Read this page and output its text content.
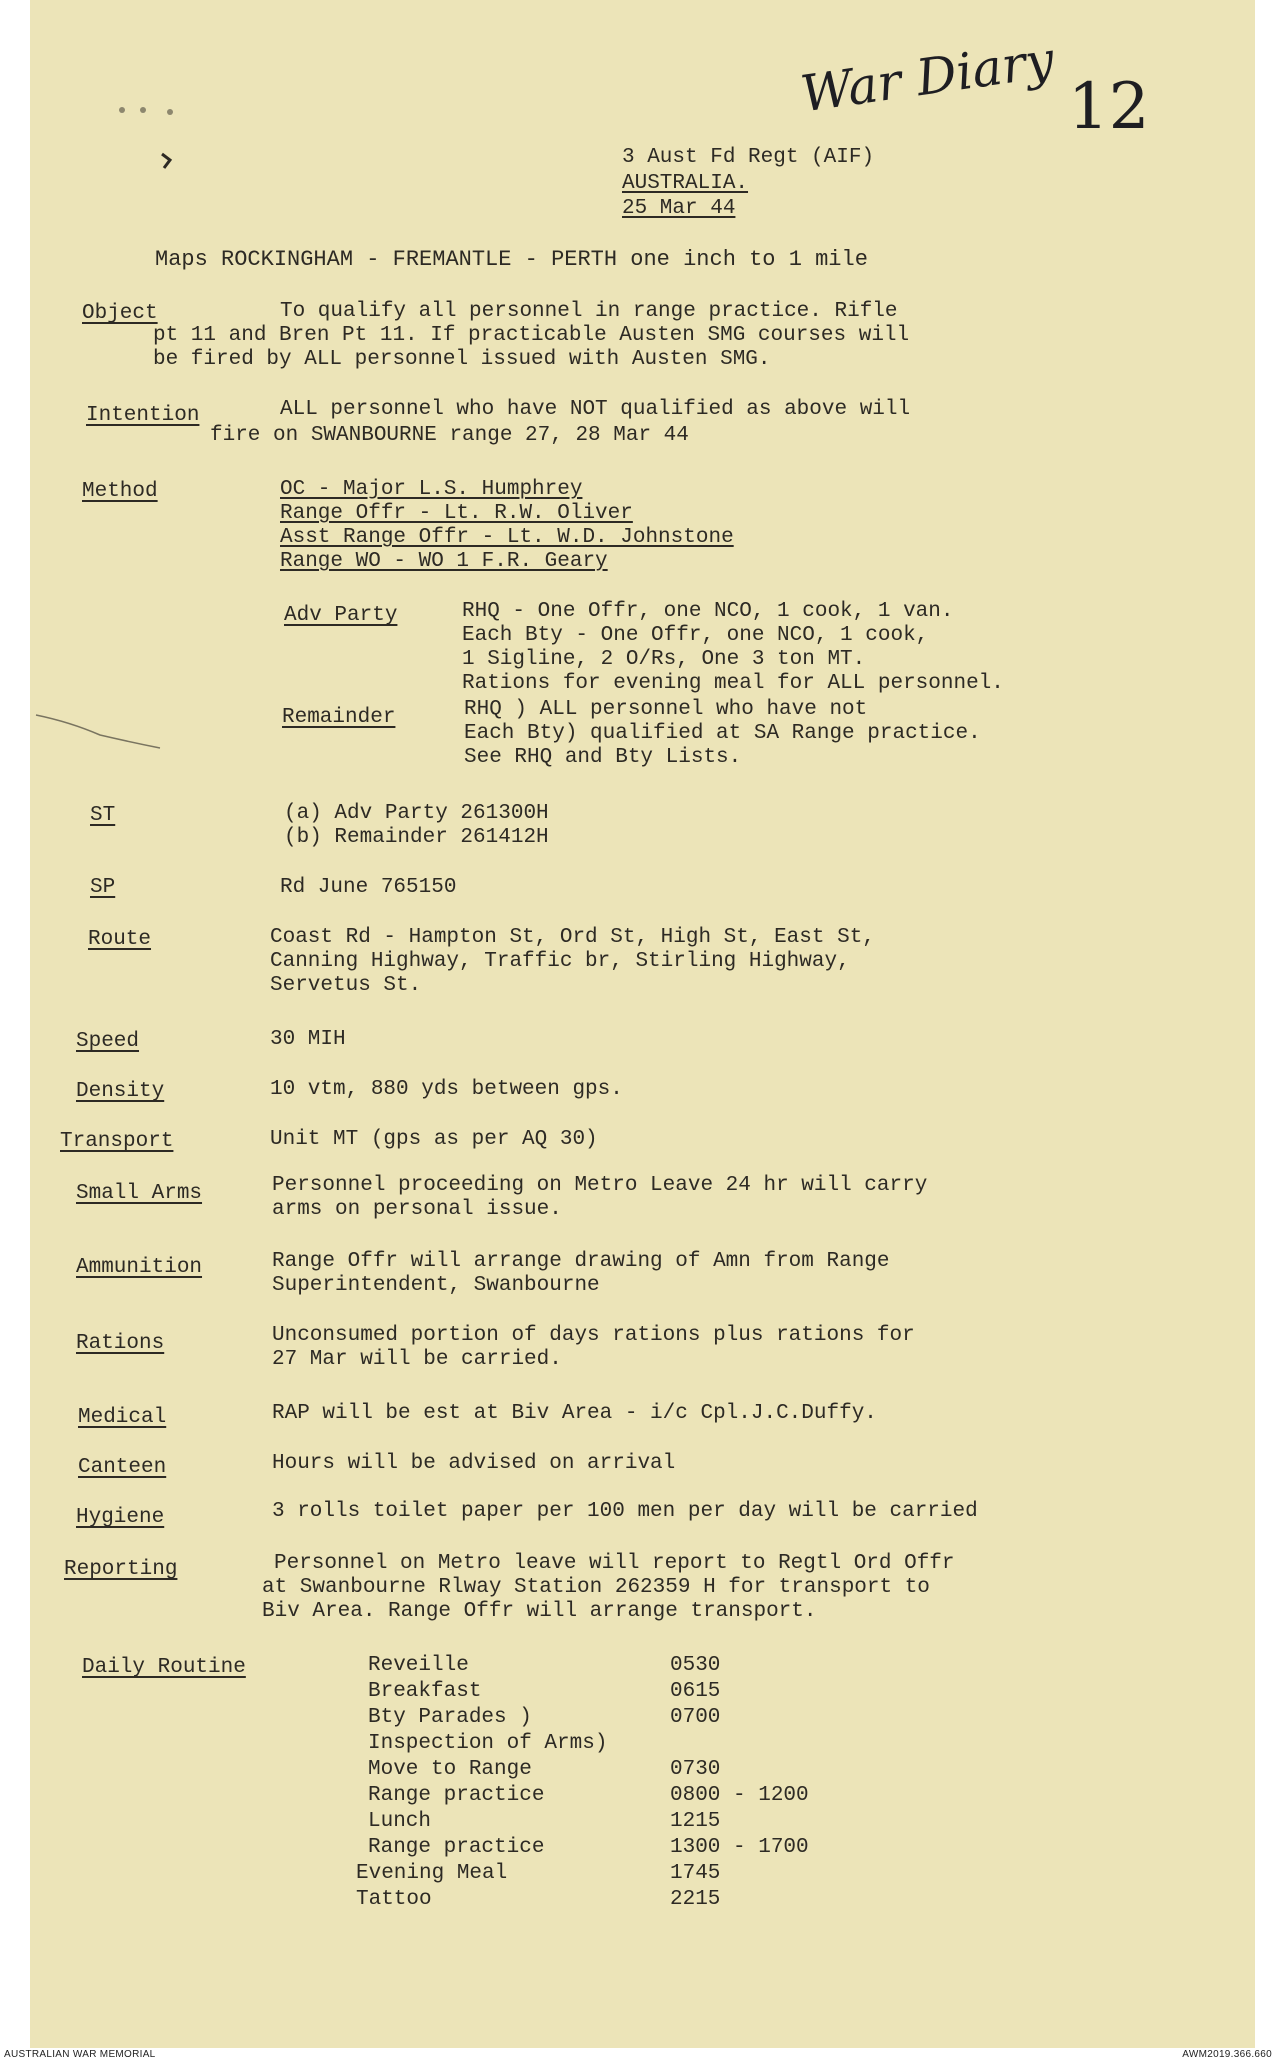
War Diary 12
3 Aust Fd Regt (AIF)
AUSTRALIA.
25 Mar 44
Maps ROCKINGHAM - FREMANTLE - PERTH one inch to 1 mile
Object	To qualify all personnel in range practice. Rifle
pt 11 and Bren Pt 11. If practicable Austen SMG courses will
be fired by ALL personnel issued with Austen SMG.
Intention	ALL personnel who have NOT qualified as above will
fire on SWANBOURNE range 27, 28 Mar 44
Method	OC - Major L.S. Humphrey
Range Offr - Lt. R.W. Oliver
Asst Range Offr - Lt. W.D. Johnstone
Range WO - WO 1 F.R. Geary
Adv Party	RHQ - One Offr, one NCO, 1 cook, 1 van.
Each Bty - One Offr, one NCO, 1 cook,
1 Sigline, 2 O/Rs, One 3 ton MT.
Rations for evening meal for ALL personnel.
Remainder	RHQ ) ALL personnel who have not
Each Bty) qualified at SA Range practice.
See RHQ and Bty Lists.
ST	(a) Adv Party 261300H
(b) Remainder 261412H
SP	Rd June 765150
Route	Coast Rd - Hampton St, Ord St, High St, East St,
Canning Highway, Traffic br, Stirling Highway,
Servetus St.
Speed	30 MIH
Density	10 vtm, 880 yds between gps.
Transport	Unit MT (gps as per AQ 30)
Small Arms	Personnel proceeding on Metro Leave 24 hr will carry
arms on personal issue.
Ammunition	Range Offr will arrange drawing of Amn from Range
Superintendent, Swanbourne
Rations	Unconsumed portion of days rations plus rations for
27 Mar will be carried.
Medical	RAP will be est at Biv Area - i/c Cpl.J.C.Duffy.
Canteen	Hours will be advised on arrival
Hygiene	3 rolls toilet paper per 100 men per day will be carried
Reporting	Personnel on Metro leave will report to Regtl Ord Offr
at Swanbourne Rlway Station 262359 H for transport to
Biv Area. Range Offr will arrange transport.
Daily Routine	Reveille	0530
Breakfast	0615
Bty Parades )	0700
Inspection of Arms)
Move to Range	0730
Range practice	0800 - 1200
Lunch	1215
Range practice	1300 - 1700
Evening Meal	1745
Tattoo	2215
AUSTRALIAN WAR MEMORIAL	AWM2019.366.660
